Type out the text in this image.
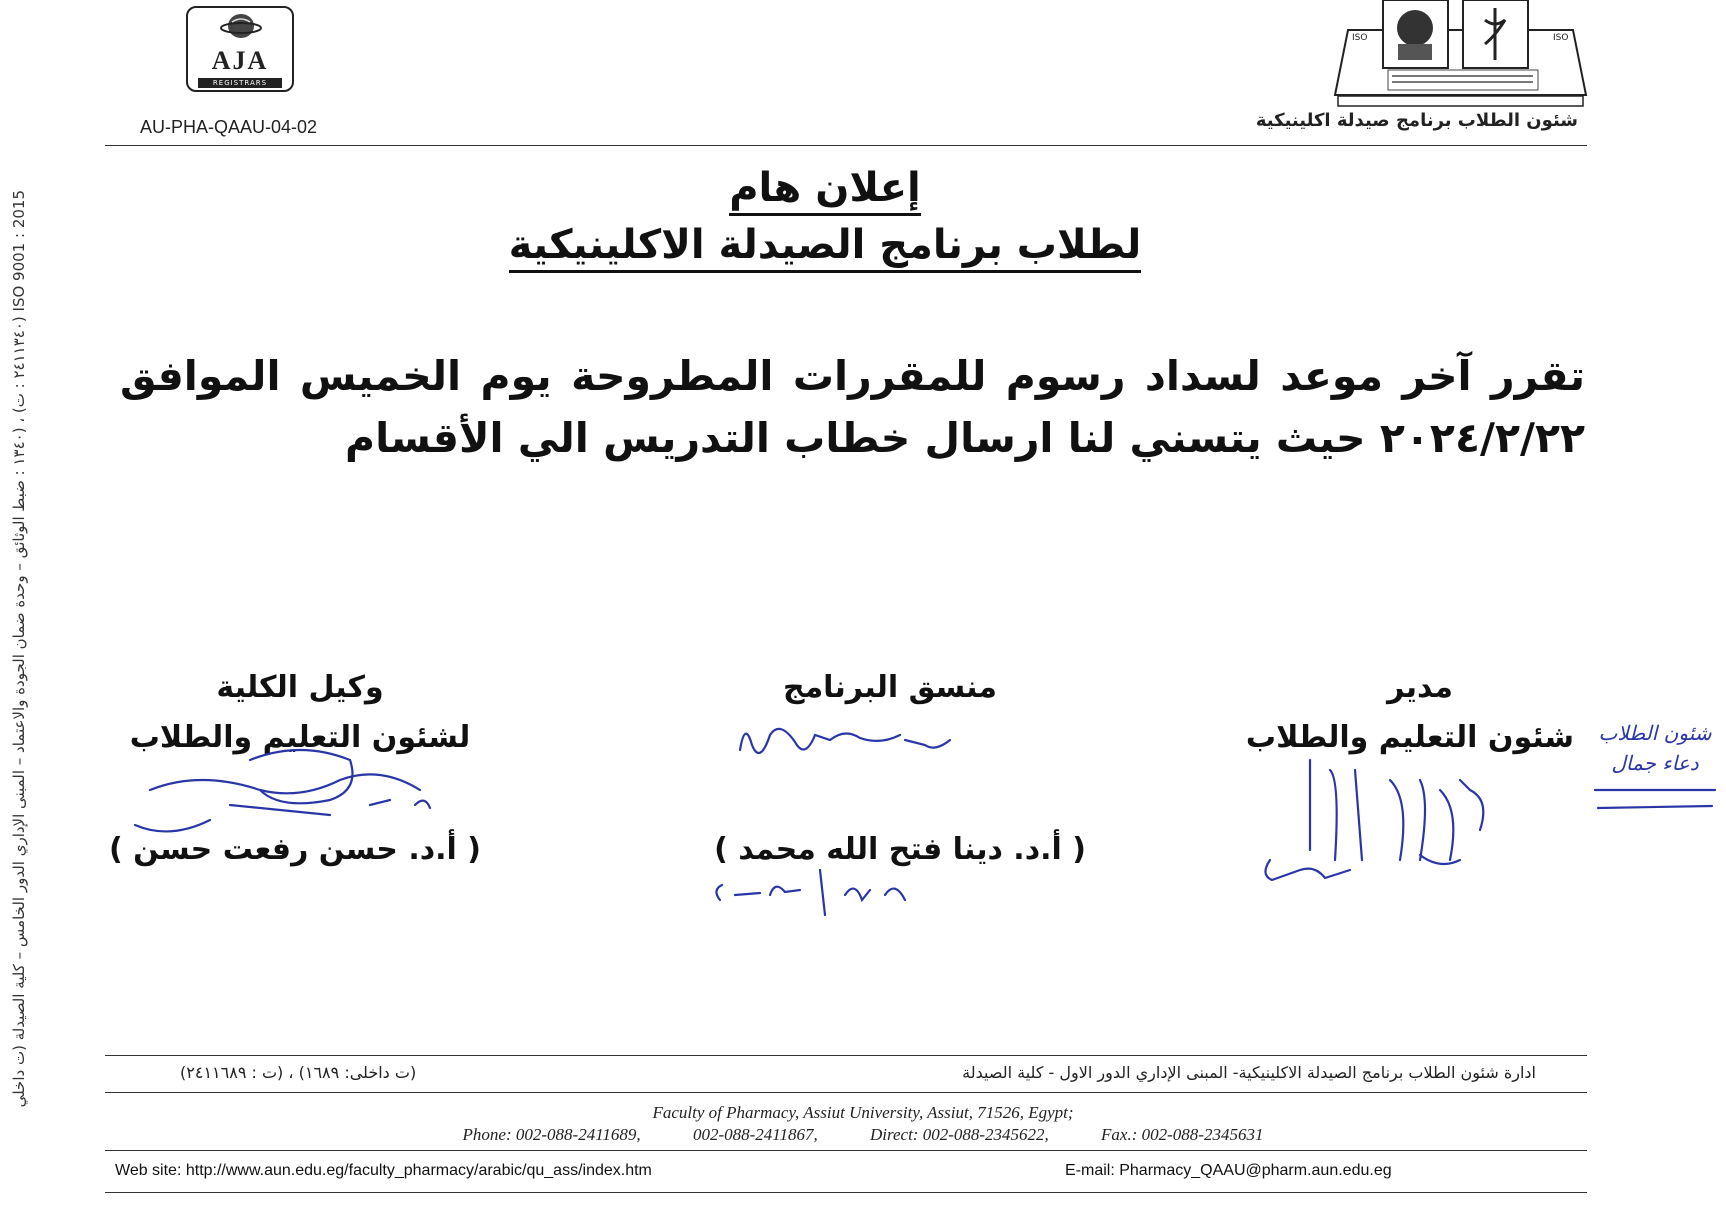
AJA
REGISTRARS
AU-PHA-QAAU-04-02
ISO	ISO
شئون الطلاب برنامج صيدلة اكلينيكية
إعلان هام
لطلاب برنامج الصيدلة الاكلينيكية
تقرر آخر موعد لسداد رسوم للمقررات المطروحة يوم الخميس الموافق ٢٠٢٤/٢/٢٢ حيث يتسني لنا ارسال خطاب التدريس الي الأقسام
مدير
شئون التعليم والطلاب
منسق البرنامج
( أ.د. دينا فتح الله محمد )
وكيل الكلية
لشئون التعليم والطلاب
( أ.د. حسن رفعت حسن )
شئون الطلاب
دعاء جمال
ISO 9001 : 2015 (٢٤١١٣٤٠ : ت) ، (١٣٤٠ : ضبط الوثائق – وحدة ضمان الجودة والاعتماد – المبنى الإداري الدور الخامس – كلية الصيدلة (ت داخلي
ادارة شئون الطلاب برنامج الصيدلة الاكلينيكية- المبنى الإداري الدور الاول - كلية الصيدلة
(ت داخلى: ١٦٨٩) ، (ت : ٢٤١١٦٨٩)
Faculty of Pharmacy, Assiut University, Assiut, 71526, Egypt;
Phone: 002-088-2411689,	002-088-2411867,	Direct: 002-088-2345622,	Fax.: 002-088-2345631
Web site: http://www.aun.edu.eg/faculty_pharmacy/arabic/qu_ass/index.htm	E-mail: Pharmacy_QAAU@pharm.aun.edu.eg
